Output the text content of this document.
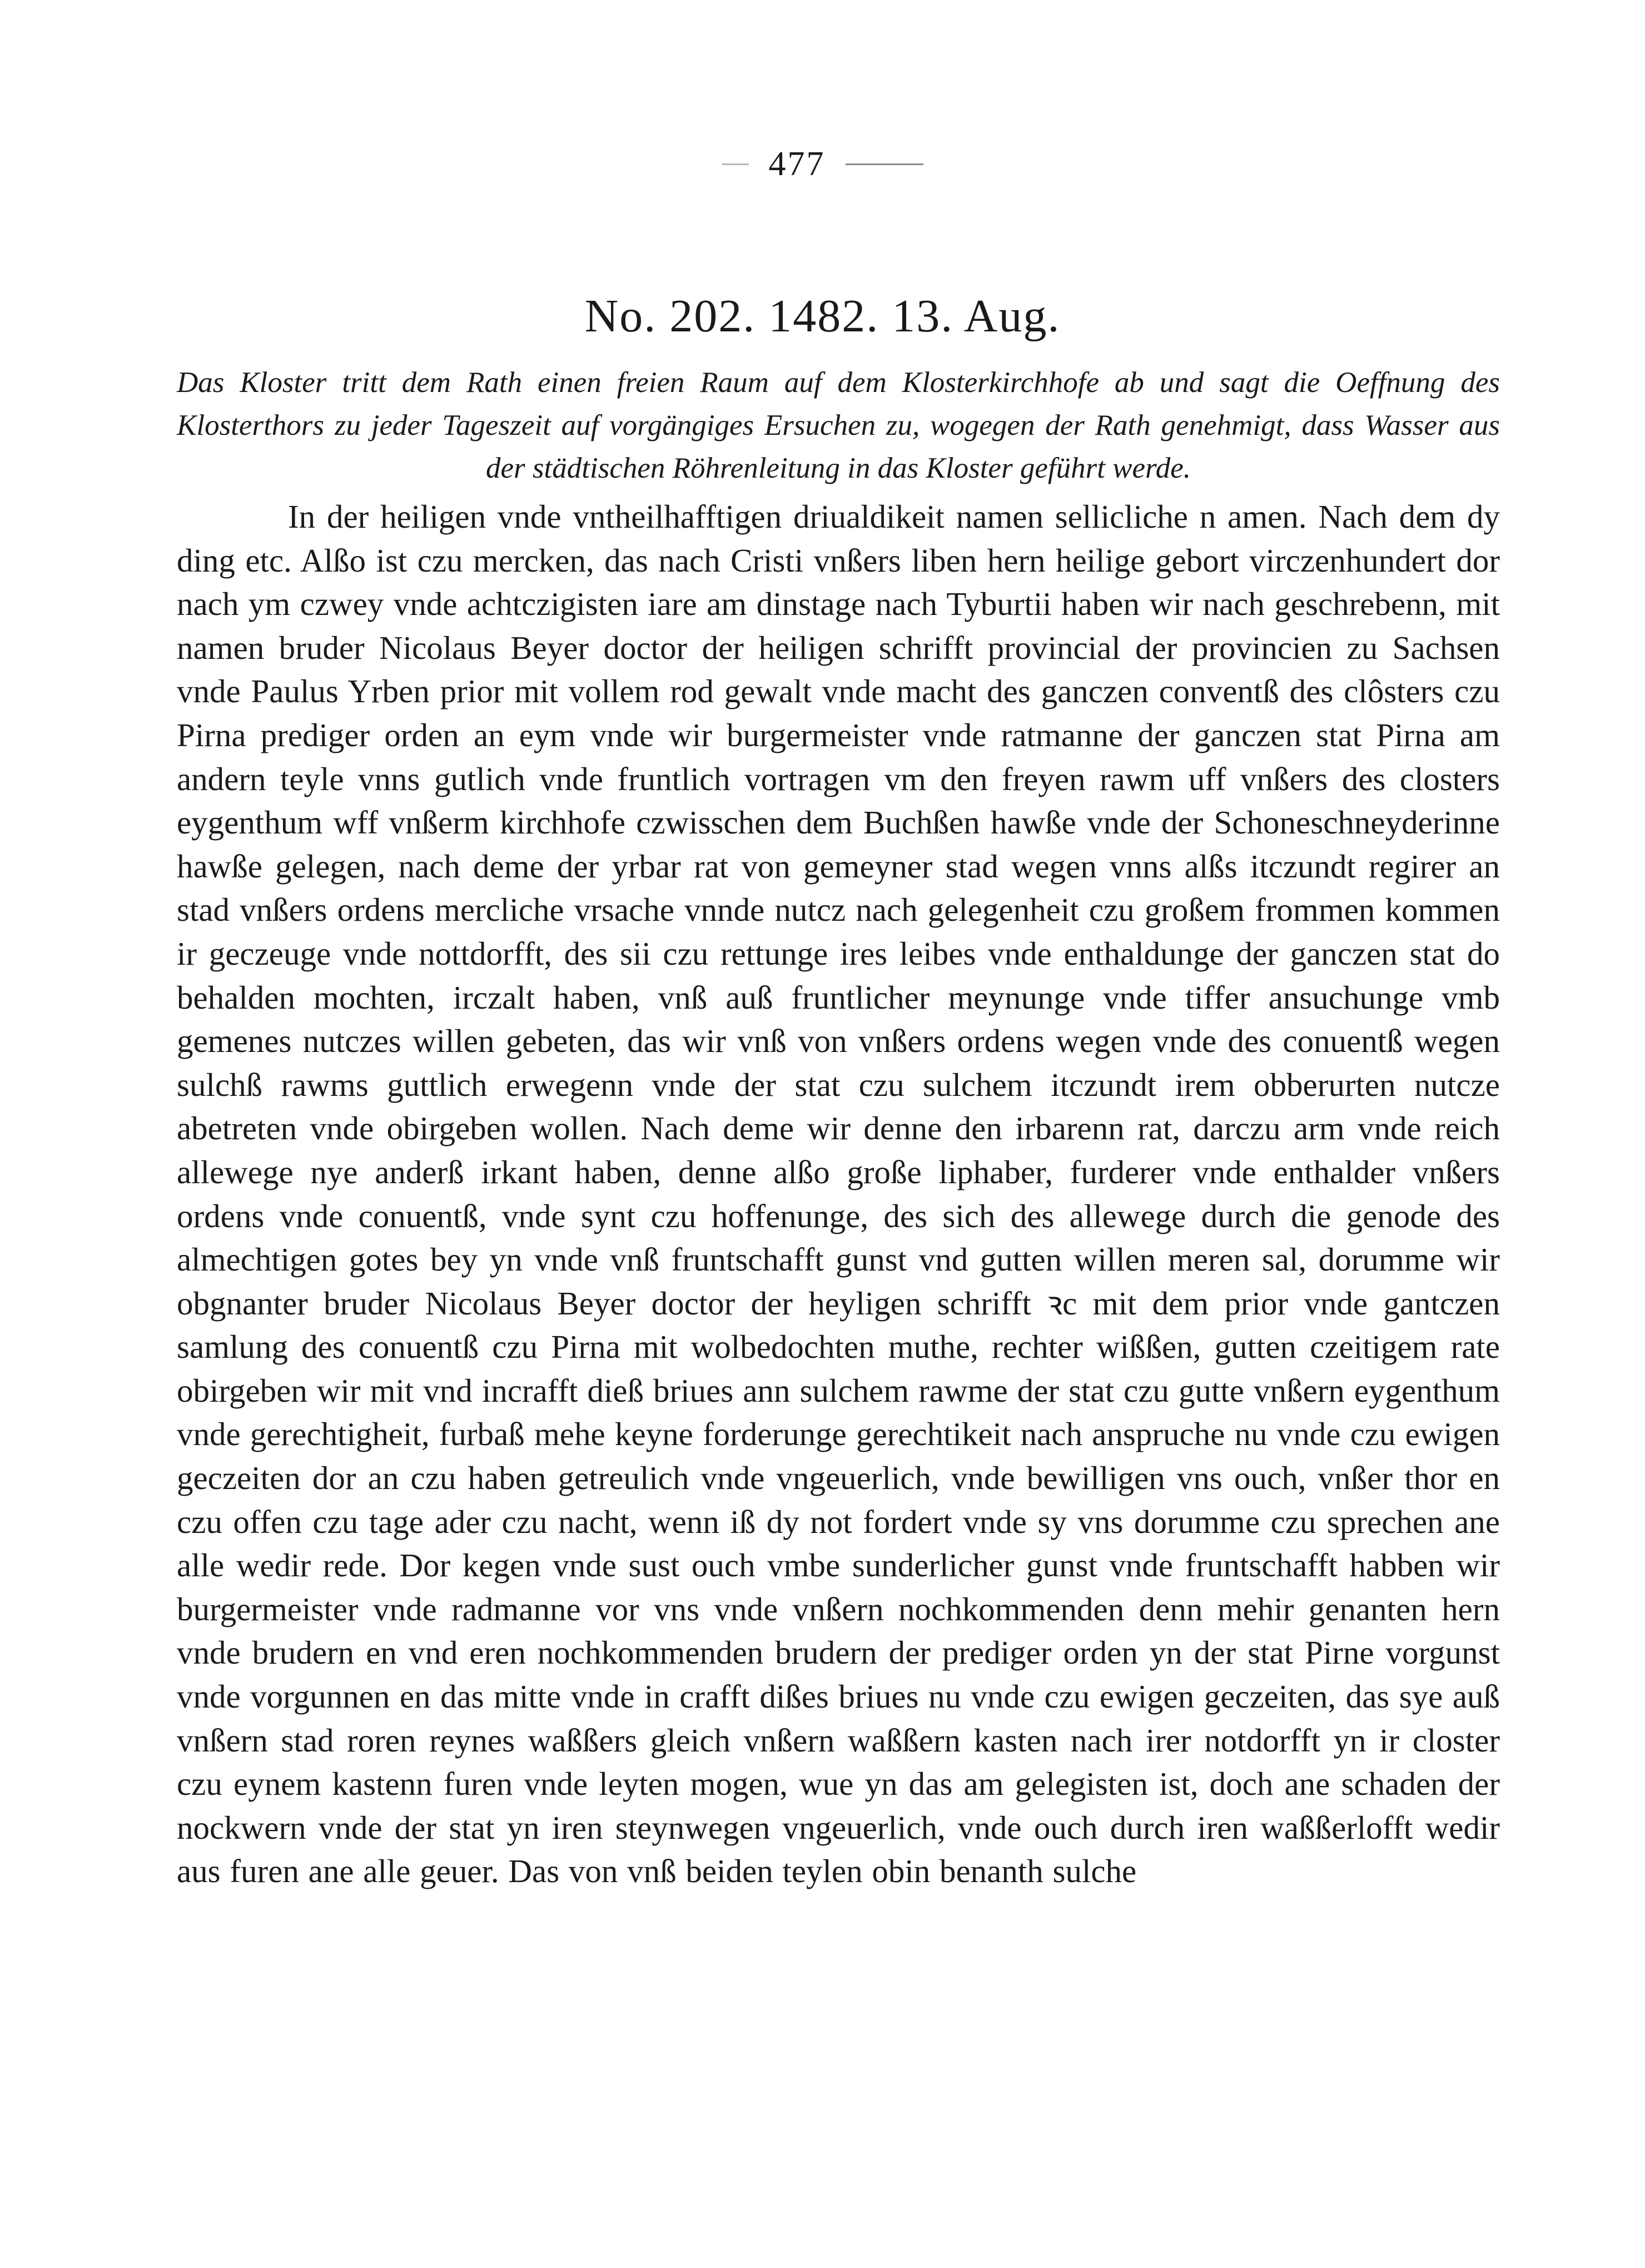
477
No. 202. 1482. 13. Aug.

Das Kloster tritt dem Rath einen freien Raum auf dem Klosterkirchhofe ab und sagt die Oeffnung des Klosterthors zu jeder Tageszeit auf vorgängiges Ersuchen zu, wogegen der Rath genehmigt, dass Wasser aus der städtischen Röhrenleitung in das Kloster geführt werde.

In der heiligen vnde vntheilhafftigen driualdikeit namen sellicliche n amen. Nach dem dy ding etc. Alßo ist czu mercken, das nach Cristi vnßers liben hern heilige gebort virczenhundert dor nach ym czwey vnde achtczigisten iare am dinstage nach Tyburtii haben wir nach geschrebenn, mit namen bruder Nicolaus Beyer doctor der heiligen schrifft provincial der provincien zu Sachsen vnde Paulus Yrben prior mit vollem rod gewalt vnde macht des ganczen conventß des clôsters czu Pirna prediger orden an eym vnde wir burgermeister vnde ratmanne der ganczen stat Pirna am andern teyle vnns gutlich vnde fruntlich vortragen vm den freyen rawm uff vnßers des closters eygenthum wff vnßerm kirchhofe czwisschen dem Buchßen hawße vnde der Schoneschneyderinne hawße gelegen, nach deme der yrbar rat von gemeyner stad wegen vnns alßs itczundt regirer an stad vnßers ordens mercliche vrsache vnnde nutcz nach gelegenheit czu großem frommen kommen ir geczeuge vnde nottdorfft, des sii czu rettunge ires leibes vnde enthaldunge der ganczen stat do behalden mochten, irczalt haben, vnß auß fruntlicher meynunge vnde tiffer ansuchunge vmb gemenes nutczes willen gebeten, das wir vnß von vnßers ordens wegen vnde des conuentß wegen sulchß rawms guttlich erwegenn vnde der stat czu sulchem itczundt irem obberurten nutcze abetreten vnde obirgeben wollen. Nach deme wir denne den irbarenn rat, darczu arm vnde reich allewege nye anderß irkant haben, denne alßo große liphaber, furderer vnde enthalder vnßers ordens vnde conuentß, vnde synt czu hoffenunge, des sich des allewege durch die genode des almechtigen gotes bey yn vnde vnß fruntschafft gunst vnd gutten willen meren sal, dorumme wir obgnanter bruder Nicolaus Beyer doctor der heyligen schrifft ꝛc mit dem prior vnde gantczen samlung des conuentß czu Pirna mit wolbedochten muthe, rechter wißßen, gutten czeitigem rate obirgeben wir mit vnd incrafft dieß briues ann sulchem rawme der stat czu gutte vnßern eygenthum vnde gerechtigheit, furbaß mehe keyne forderunge gerechtikeit nach anspruche nu vnde czu ewigen geczeiten dor an czu haben getreulich vnde vngeuerlich, vnde bewilligen vns ouch, vnßer thor en czu offen czu tage ader czu nacht, wenn iß dy not fordert vnde sy vns dorumme czu sprechen ane alle wedir rede. Dor kegen vnde sust ouch vmbe sunderlicher gunst vnde fruntschafft habben wir burgermeister vnde radmanne vor vns vnde vnßern nochkommenden denn mehir genanten hern vnde brudern en vnd eren nochkommenden brudern der prediger orden yn der stat Pirne vorgunst vnde vorgunnen en das mitte vnde in crafft dißes briues nu vnde czu ewigen geczeiten, das sye auß vnßern stad roren reynes waßßers gleich vnßern waßßern kasten nach irer notdorfft yn ir closter czu eynem kastenn furen vnde leyten mogen, wue yn das am gelegisten ist, doch ane schaden der nockwern vnde der stat yn iren steynwegen vngeuerlich, vnde ouch durch iren waßßerlofft wedir aus furen ane alle geuer. Das von vnß beiden teylen obin benanth sulche
